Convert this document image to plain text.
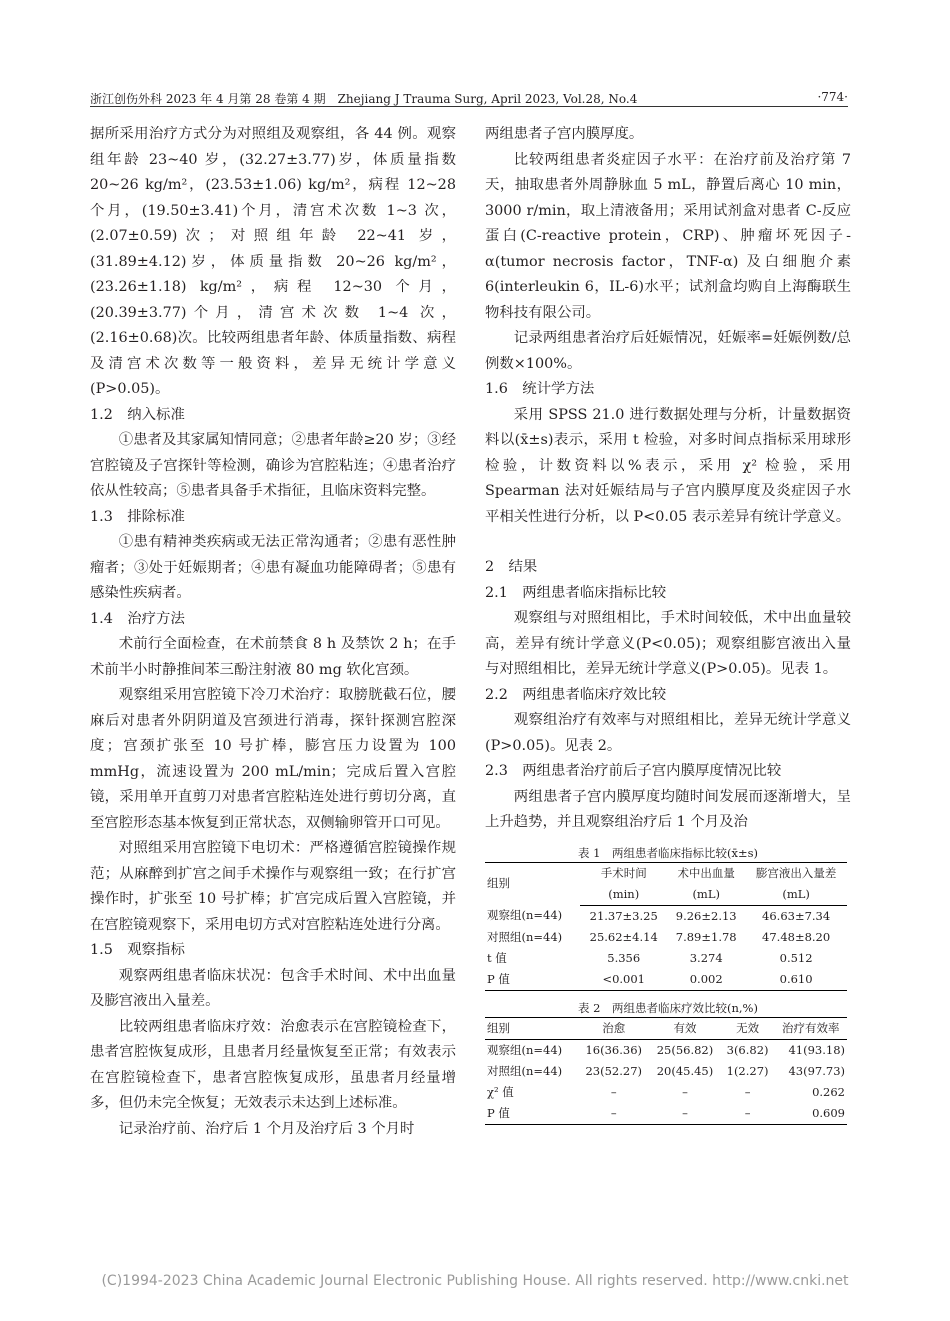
浙江创伤外科 2023 年 4 月第 28 卷第 4 期　Zhejiang J Trauma Surg, April 2023, Vol.28, No.4	·774·

据所采用治疗方式分为对照组及观察组，各 44 例。观察组年龄 23~40 岁，(32.27±3.77)岁，体质量指数 20~26 kg/m²，(23.53±1.06) kg/m²，病程 12~28 个月，(19.50±3.41)个月，清宫术次数 1~3 次，(2.07±0.59)次；对照组年龄 22~41 岁，(31.89±4.12)岁，体质量指数 20~26 kg/m²，(23.26±1.18) kg/m²，病程 12~30 个月，(20.39±3.77)个月，清宫术次数 1~4 次，(2.16±0.68)次。比较两组患者年龄、体质量指数、病程及清宫术次数等一般资料，差异无统计学意义(P>0.05)。

1.2　纳入标准

①患者及其家属知情同意；②患者年龄≥20 岁；③经宫腔镜及子宫探针等检测，确诊为宫腔粘连；④患者治疗依从性较高；⑤患者具备手术指征，且临床资料完整。

1.3　排除标准

①患有精神类疾病或无法正常沟通者；②患有恶性肿瘤者；③处于妊娠期者；④患有凝血功能障碍者；⑤患有感染性疾病者。

1.4　治疗方法

术前行全面检查，在术前禁食 8 h 及禁饮 2 h；在手术前半小时静推间苯三酚注射液 80 mg 软化宫颈。

观察组采用宫腔镜下冷刀术治疗：取膀胱截石位，腰麻后对患者外阴阴道及宫颈进行消毒，探针探测宫腔深度；宫颈扩张至 10 号扩棒，膨宫压力设置为 100 mmHg，流速设置为 200 mL/min；完成后置入宫腔镜，采用单开直剪刀对患者宫腔粘连处进行剪切分离，直至宫腔形态基本恢复到正常状态，双侧输卵管开口可见。

对照组采用宫腔镜下电切术：严格遵循宫腔镜操作规范；从麻醉到扩宫之间手术操作与观察组一致；在行扩宫操作时，扩张至 10 号扩棒；扩宫完成后置入宫腔镜，并在宫腔镜观察下，采用电切方式对宫腔粘连处进行分离。

1.5　观察指标

观察两组患者临床状况：包含手术时间、术中出血量及膨宫液出入量差。

比较两组患者临床疗效：治愈表示在宫腔镜检查下，患者宫腔恢复成形，且患者月经量恢复至正常；有效表示在宫腔镜检查下，患者宫腔恢复成形，虽患者月经量增多，但仍未完全恢复；无效表示未达到上述标准。

记录治疗前、治疗后 1 个月及治疗后 3 个月时

两组患者子宫内膜厚度。

比较两组患者炎症因子水平：在治疗前及治疗第 7 天，抽取患者外周静脉血 5 mL，静置后离心 10 min，3000 r/min，取上清液备用；采用试剂盒对患者 C-反应蛋白(C-reactive protein，CRP)、肿瘤坏死因子-α(tumor necrosis factor，TNF-α) 及白细胞介素 6(interleukin 6，IL-6)水平；试剂盒均购自上海酶联生物科技有限公司。

记录两组患者治疗后妊娠情况，妊娠率=妊娠例数/总例数×100%。

1.6　统计学方法

采用 SPSS 21.0 进行数据处理与分析，计量数据资料以(x̄±s)表示，采用 t 检验，对多时间点指标采用球形检验，计数资料以%表示，采用 χ² 检验，采用 Spearman 法对妊娠结局与子宫内膜厚度及炎症因子水平相关性进行分析，以 P<0.05 表示差异有统计学意义。

2　结果

2.1　两组患者临床指标比较

观察组与对照组相比，手术时间较低，术中出血量较高，差异有统计学意义(P<0.05)；观察组膨宫液出入量与对照组相比，差异无统计学意义(P>0.05)。见表 1。

2.2　两组患者临床疗效比较

观察组治疗有效率与对照组相比，差异无统计学意义(P>0.05)。见表 2。

2.3　两组患者治疗前后子宫内膜厚度情况比较

两组患者子宫内膜厚度均随时间发展而逐渐增大，呈上升趋势，并且观察组治疗后 1 个月及治

表 1　两组患者临床指标比较(x̄±s)
组别	手术时间	术中出血量	膨宫液出入量差
	(min)	(mL)	(mL)
观察组(n=44)	21.37±3.25	9.26±2.13	46.63±7.34
对照组(n=44)	25.62±4.14	7.89±1.78	47.48±8.20
t 值	5.356	3.274	0.512
P 值	<0.001	0.002	0.610
表 2　两组患者临床疗效比较(n,%)
组别	治愈	有效	无效	治疗有效率
观察组(n=44)	16(36.36)	25(56.82)	3(6.82)	41(93.18)
对照组(n=44)	23(52.27)	20(45.45)	1(2.27)	43(97.73)
χ² 值	–	–	–	0.262
P 值	–	–	–	0.609
(C)1994-2023 China Academic Journal Electronic Publishing House. All rights reserved. http://www.cnki.net
